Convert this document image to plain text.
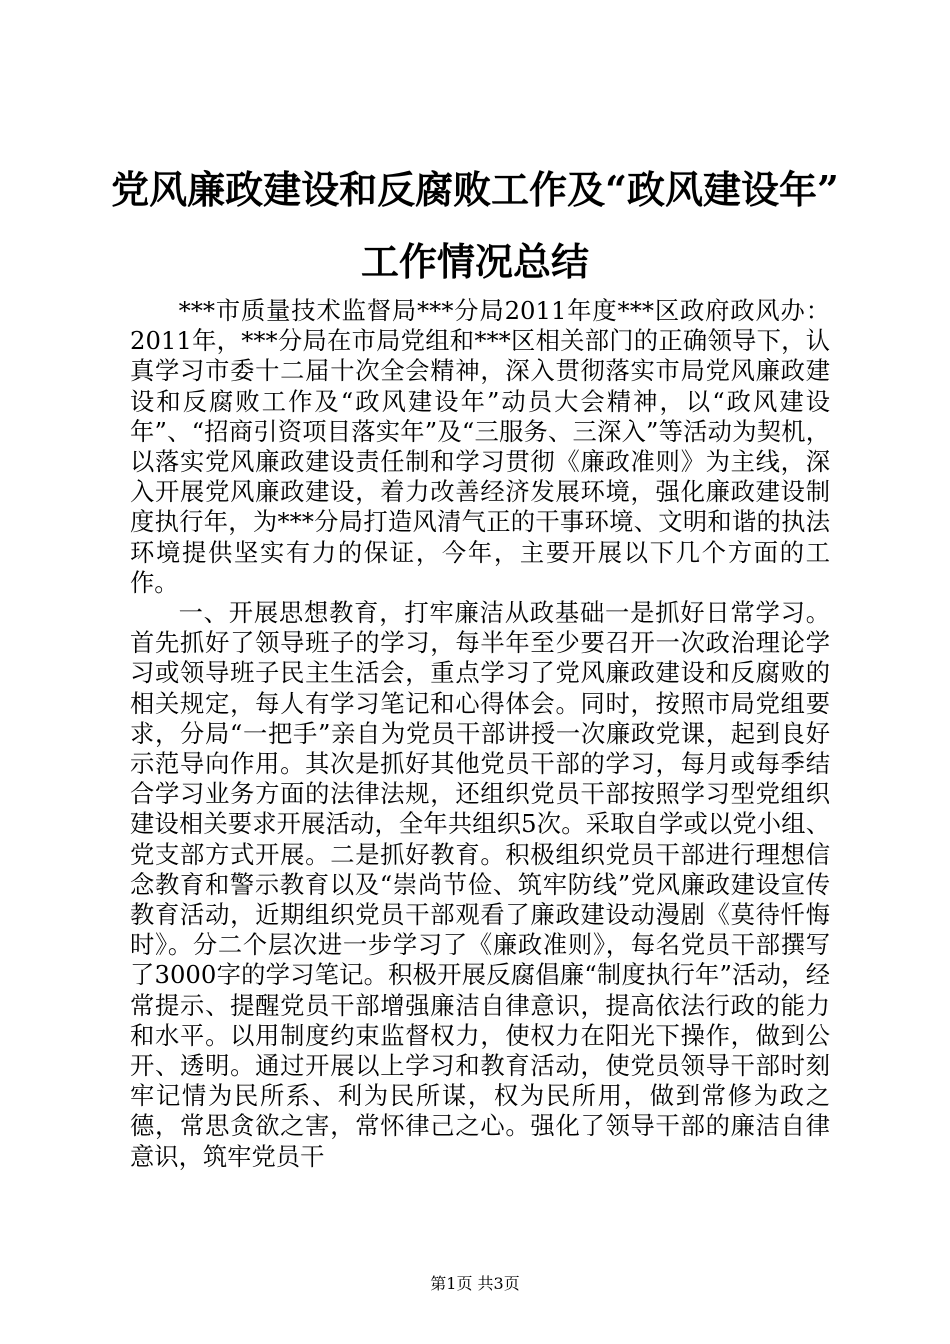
党风廉政建设和反腐败工作及“政风建设年”
工作情况总结

***市质量技术监督局***分局2011年度***区政府政风办：2011年，***分局在市局党组和***区相关部门的正确领导下，认真学习市委十二届十次全会精神，深入贯彻落实市局党风廉政建设和反腐败工作及“政风建设年”动员大会精神，以“政风建设年”、“招商引资项目落实年”及“三服务、三深入”等活动为契机，以落实党风廉政建设责任制和学习贯彻《廉政准则》为主线，深入开展党风廉政建设，着力改善经济发展环境，强化廉政建设制度执行年，为***分局打造风清气正的干事环境、文明和谐的执法环境提供坚实有力的保证，今年，主要开展以下几个方面的工作。

一、开展思想教育，打牢廉洁从政基础一是抓好日常学习。首先抓好了领导班子的学习，每半年至少要召开一次政治理论学习或领导班子民主生活会，重点学习了党风廉政建设和反腐败的相关规定，每人有学习笔记和心得体会。同时，按照市局党组要求，分局“一把手”亲自为党员干部讲授一次廉政党课，起到良好示范导向作用。其次是抓好其他党员干部的学习，每月或每季结合学习业务方面的法律法规，还组织党员干部按照学习型党组织建设相关要求开展活动，全年共组织5次。采取自学或以党小组、党支部方式开展。二是抓好教育。积极组织党员干部进行理想信念教育和警示教育以及“崇尚节俭、筑牢防线”党风廉政建设宣传教育活动，近期组织党员干部观看了廉政建设动漫剧《莫待忏悔时》。分二个层次进一步学习了《廉政准则》，每名党员干部撰写了3000字的学习笔记。积极开展反腐倡廉“制度执行年”活动，经常提示、提醒党员干部增强廉洁自律意识，提高依法行政的能力和水平。以用制度约束监督权力，使权力在阳光下操作，做到公开、透明。通过开展以上学习和教育活动，使党员领导干部时刻牢记情为民所系、利为民所谋，权为民所用，做到常修为政之德，常思贪欲之害，常怀律己之心。强化了领导干部的廉洁自律意识，筑牢党员干

第1页 共3页
